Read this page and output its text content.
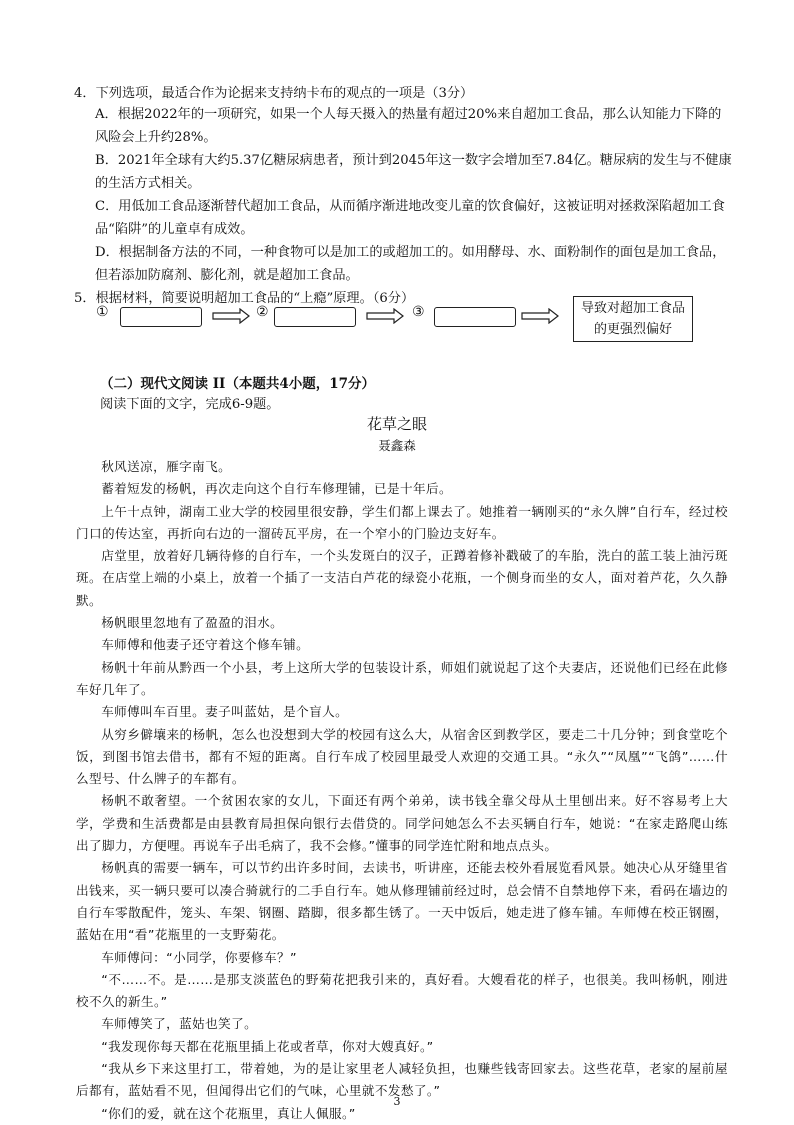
4．下列选项，最适合作为论据来支持纳卡布的观点的一项是（3分）
A．根据2022年的一项研究，如果一个人每天摄入的热量有超过20%来自超加工食品，那么认知能力下降的风险会上升约28%。
B．2021年全球有大约5.37亿糖尿病患者，预计到2045年这一数字会增加至7.84亿。糖尿病的发生与不健康的生活方式相关。
C．用低加工食品逐渐替代超加工食品，从而循序渐进地改变儿童的饮食偏好，这被证明对拯救深陷超加工食品“陷阱”的儿童卓有成效。
D．根据制备方法的不同，一种食物可以是加工的或超加工的。如用酵母、水、面粉制作的面包是加工食品，但若添加防腐剂、膨化剂，就是超加工食品。
5．根据材料，简要说明超加工食品的“上瘾”原理。（6分）
①	②	③	导致对超加工食品的更强烈偏好
（二）现代文阅读 II（本题共4小题，17分）
阅读下面的文字，完成6-9题。
花草之眼
聂鑫森

秋风送凉，雁字南飞。

蓄着短发的杨帆，再次走向这个自行车修理铺，已是十年后。

上午十点钟，湖南工业大学的校园里很安静，学生们都上课去了。她推着一辆刚买的“永久牌”自行车，经过校门口的传达室，再折向右边的一溜砖瓦平房，在一个窄小的门脸边支好车。

店堂里，放着好几辆待修的自行车，一个头发斑白的汉子，正蹲着修补戳破了的车胎，洗白的蓝工装上油污斑斑。在店堂上端的小桌上，放着一个插了一支洁白芦花的绿瓷小花瓶，一个侧身而坐的女人，面对着芦花，久久静默。

杨帆眼里忽地有了盈盈的泪水。

车师傅和他妻子还守着这个修车铺。

杨帆十年前从黔西一个小县，考上这所大学的包装设计系，师姐们就说起了这个夫妻店，还说他们已经在此修车好几年了。

车师傅叫车百里。妻子叫蓝姑，是个盲人。

从穷乡僻壤来的杨帆，怎么也没想到大学的校园有这么大，从宿舍区到教学区，要走二十几分钟；到食堂吃个饭，到图书馆去借书，都有不短的距离。自行车成了校园里最受人欢迎的交通工具。“永久”“凤凰”“飞鸽”……什么型号、什么牌子的车都有。

杨帆不敢奢望。一个贫困农家的女儿，下面还有两个弟弟，读书钱全靠父母从土里刨出来。好不容易考上大学，学费和生活费都是由县教育局担保向银行去借贷的。同学问她怎么不去买辆自行车，她说：“在家走路爬山练出了脚力，方便哩。再说车子出毛病了，我不会修。”懂事的同学连忙附和地点点头。

杨帆真的需要一辆车，可以节约出许多时间，去读书，听讲座，还能去校外看展览看风景。她决心从牙缝里省出钱来，买一辆只要可以凑合骑就行的二手自行车。她从修理铺前经过时，总会情不自禁地停下来，看码在墙边的自行车零散配件，笼头、车架、钢圈、踏脚，很多都生锈了。一天中饭后，她走进了修车铺。车师傅在校正钢圈，蓝姑在用“看”花瓶里的一支野菊花。

车师傅问：“小同学，你要修车？”

“不……不。是……是那支淡蓝色的野菊花把我引来的，真好看。大嫂看花的样子，也很美。我叫杨帆，刚进校不久的新生。”

车师傅笑了，蓝姑也笑了。

“我发现你每天都在花瓶里插上花或者草，你对大嫂真好。”

“我从乡下来这里打工，带着她，为的是让家里老人减轻负担，也赚些钱寄回家去。这些花草，老家的屋前屋后都有，蓝姑看不见，但闻得出它们的气味，心里就不发愁了。”

“你们的爱，就在这个花瓶里，真让人佩服。”

3
